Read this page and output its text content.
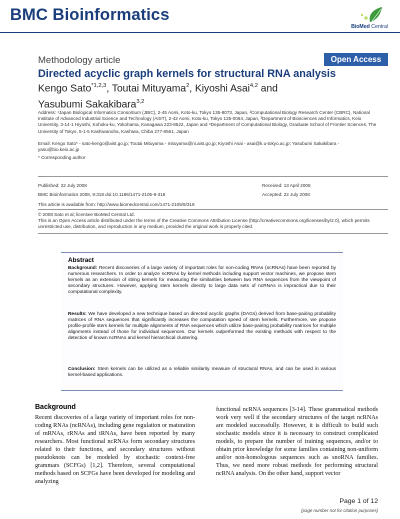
BMC Bioinformatics
BioMed Central
Methodology article	Open Access
Directed acyclic graph kernels for structural RNA analysis
Kengo Sato$^{*1,2,3}$, Toutai Mituyama$^2$, Kiyoshi Asai$^{4,2}$ and
Yasubumi Sakakibara$^{3,2}$
Address: ¹Japan Biological Informatics Consortium (JBIC), 2-45 Aomi, Koto-ku, Tokyo 135-8073, Japan, ²Computational Biology Research Center (CBRC), National Institute of Advanced Industrial Science and Technology (AIST), 2-42 Aomi, Koto-ku, Tokyo 135-0064, Japan, ³Department of Biosciences and Informatics, Keio University, 3-14-1 Hiyoshi, Kohoku-ku, Yokohama, Kanagawa 223-8522, Japan and ⁴Department of Computational Biology, Graduate School of Frontier Sciences, The University of Tokyo, 5-1-5 Kashiwanoha, Kashiwa, Chiba 277-8561, Japan
Email: Kengo Sato* - sato-kengo@aist.go.jp; Toutai Mituyama - mituyama@ni.aist.go.jp; Kiyoshi Asai - asai@k.u-tokyo.ac.jp; Yasubumi Sakakibara - yasu@bio.keio.ac.jp
* Corresponding author
Published: 22 July 2008
BMC Bioinformatics 2008, 9:318 doi:10.1186/1471-2105-9-318
Received: 13 April 2008
Accepted: 22 July 2008
This article is available from: http://www.biomedcentral.com/1471-2105/9/318
© 2008 Sato et al; licensee BioMed Central Ltd.
This is an Open Access article distributed under the terms of the Creative Commons Attribution License (http://creativecommons.org/licenses/by/2.0), which permits unrestricted use, distribution, and reproduction in any medium, provided the original work is properly cited.
Abstract
Background: Recent discoveries of a large variety of important roles for non-coding RNAs (ncRNAs) have been reported by numerous researchers. In order to analyze ncRNAs by kernel methods including support vector machines, we propose stem kernels as an extension of string kernels for measuring the similarities between two RNA sequences from the viewpoint of secondary structures. However, applying stem kernels directly to large data sets of ncRNAs is impractical due to their computational complexity.
Results: We have developed a new technique based on directed acyclic graphs (DAGs) derived from base-pairing probability matrices of RNA sequences that significantly increases the computation speed of stem kernels. Furthermore, we propose profile-profile stem kernels for multiple alignments of RNA sequences which utilize base-pairing probability matrices for multiple alignments instead of those for individual sequences. Our kernels outperformed the existing methods with respect to the detection of known ncRNAs and kernel hierarchical clustering.
Conclusion: Stem kernels can be utilized as a reliable similarity measure of structural RNAs, and can be used in various kernel-based applications.
Background
Recent discoveries of a large variety of important roles for non-coding RNAs (ncRNAs), including gene regulation or maturation of mRNAs, rRNAs and tRNAs, have been reported by many researchers. Most functional ncRNAs form secondary structures related to their functions, and secondary structures without pseudoknots can be modeled by stochastic context-free grammars (SCFGs) [1,2]. Therefore, several computational methods based on SCFGs have been developed for modeling and analyzing
functional ncRNA sequences [3-14]. These grammatical methods work very well if the secondary structures of the target ncRNAs are modeled successfully. However, it is difficult to build such stochastic models since it is necessary to construct complicated models, to prepare the number of training sequences, and/or to obtain prior knowledge for some families containing non-uniform and/or non-homologous sequences such as snoRNA families. Thus, we need more robust methods for performing structural ncRNA analysis. On the other hand, support vector
Page 1 of 12
(page number not for citation purposes)
